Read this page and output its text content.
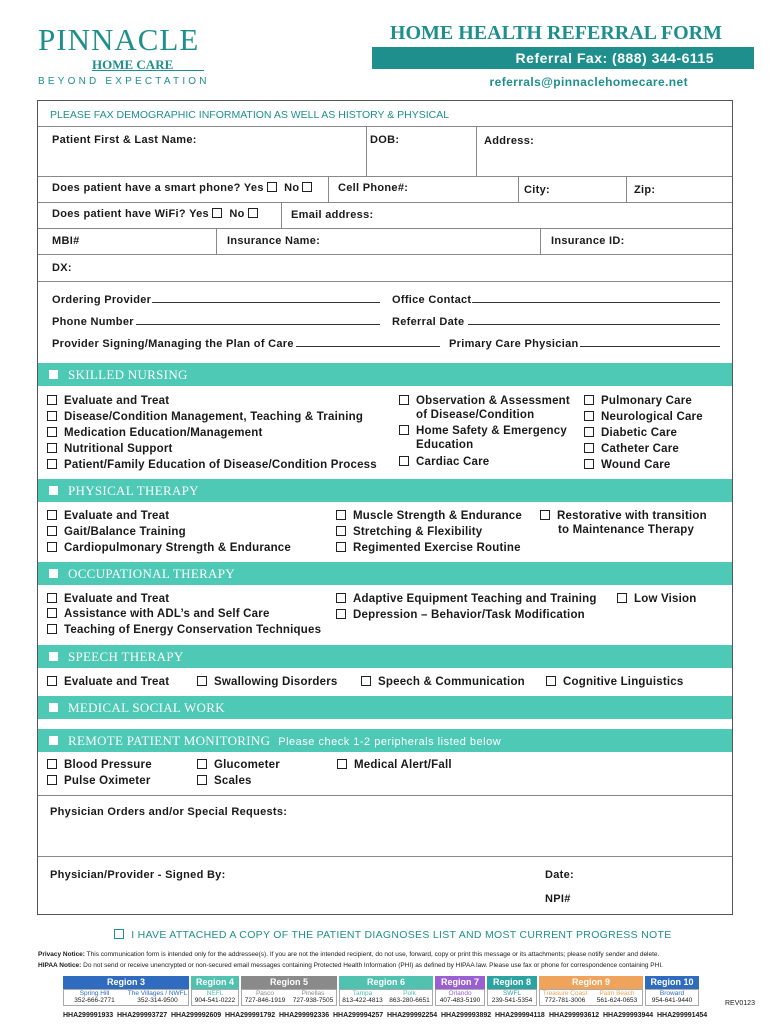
PINNACLE
HOME CARE
BEYOND EXPECTATION
HOME HEALTH REFERRAL FORM
Referral Fax: (888) 344-6115
referrals@pinnaclehomecare.net
PLEASE FAX DEMOGRAPHIC INFORMATION AS WELL AS HISTORY & PHYSICAL
Patient First & Last Name:	DOB:	Address:
Does patient have a smart phone? Yes No	Cell Phone#:	City:	Zip:
Does patient have WiFi? Yes No	Email address:
MBI#	Insurance Name:	Insurance ID:
DX:
Ordering Provider	Office Contact
Phone Number	Referral Date
Provider Signing/Managing the Plan of Care	Primary Care Physician
SKILLED NURSING
Evaluate and Treat
Disease/Condition Management, Teaching & Training
Medication Education/Management
Nutritional Support
Patient/Family Education of Disease/Condition Process
Observation & Assessment
of Disease/Condition
Home Safety & Emergency
Education
Cardiac Care
Pulmonary Care
Neurological Care
Diabetic Care
Catheter Care
Wound Care
PHYSICAL THERAPY
Evaluate and Treat
Gait/Balance Training
Cardiopulmonary Strength & Endurance
Muscle Strength & Endurance
Stretching & Flexibility
Regimented Exercise Routine
Restorative with transition
to Maintenance Therapy
OCCUPATIONAL THERAPY
Evaluate and Treat
Assistance with ADL’s and Self Care
Teaching of Energy Conservation Techniques
Adaptive Equipment Teaching and Training
Depression – Behavior/Task Modification
Low Vision
SPEECH THERAPY
Evaluate and Treat	Swallowing Disorders	Speech & Communication	Cognitive Linguistics
MEDICAL SOCIAL WORK
REMOTE PATIENT MONITORING Please check 1-2 peripherals listed below
Blood Pressure
Pulse Oximeter
Glucometer
Scales
Medical Alert/Fall
Physician Orders and/or Special Requests:
Physician/Provider - Signed By:	Date:
NPI#
I HAVE ATTACHED A COPY OF THE PATIENT DIAGNOSES LIST AND MOST CURRENT PROGRESS NOTE
Privacy Notice: This communication form is intended only for the addressee(s). If you are not the intended recipient, do not use, forward, copy or print this message or its attachments; please notify sender and delete.
HIPAA Notice: Do not send or receive unencrypted or non-secured email messages containing Protected Health Information (PHI) as defined by HIPAA law. Please use fax or phone for correspondence containing PHI.
Region 3
Spring Hill
352-666-2771
The Villages / NWFL
352-314-9500
Region 4
NEFL
904-541-0222
Region 5
Pasco
727-846-1919
Pinellas
727-938-7505
Region 6
Tampa
813-422-4813
Polk
863-280-6651
Region 7
Orlando
407-483-5190
Region 8
SWFL
239-541-5354
Region 9
Treasure Coast
772-781-3006
Palm Beach
561-624-0653
Region 10
Broward
954-641-9440	REV0123
HHA299991933 HHA299993727 HHA299992609 HHA299991792 HHA299992336 HHA299994257 HHA299992254 HHA299993892 HHA299994118 HHA299993612 HHA299993944 HHA299991454
